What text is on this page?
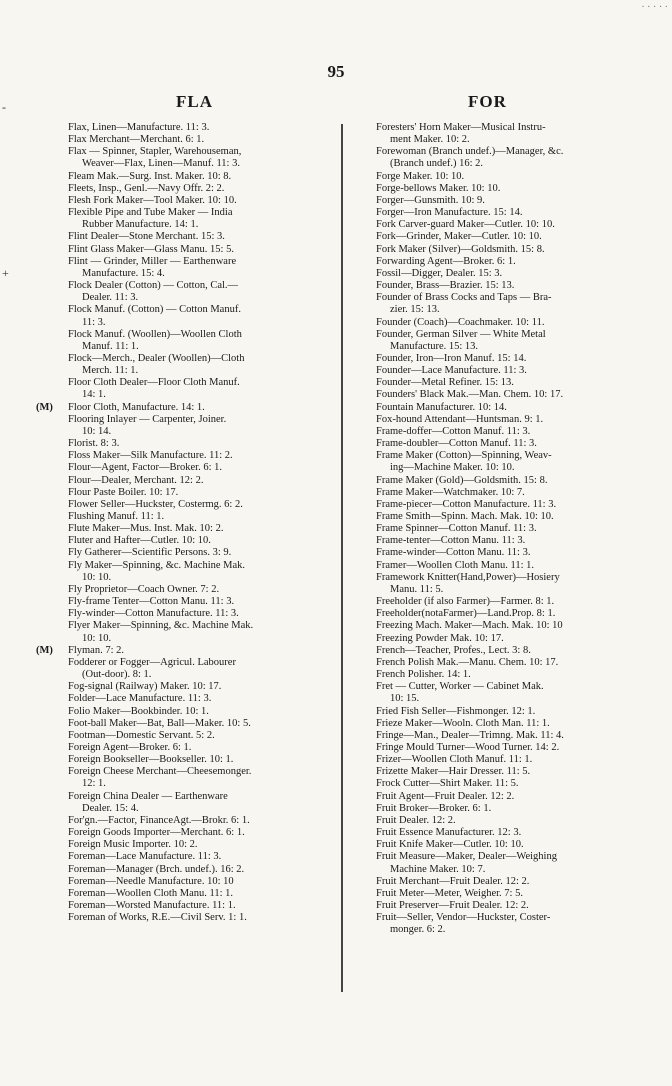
· · · · ·
‐
+
95
FLA	FOR
Flax, Linen—Manufacture. 11: 3.
Flax Merchant—Merchant. 6: 1.
Flax — Spinner, Stapler, Warehouseman,
Weaver—Flax, Linen—Manuf. 11: 3.
Fleam Mak.—Surg. Inst. Maker. 10: 8.
Fleets, Insp., Genl.—Navy Offr. 2: 2.
Flesh Fork Maker—Tool Maker. 10: 10.
Flexible Pipe and Tube Maker — India
Rubber Manufacture. 14: 1.
Flint Dealer—Stone Merchant. 15: 3.
Flint Glass Maker—Glass Manu. 15: 5.
Flint — Grinder, Miller — Earthenware
Manufacture. 15: 4.
Flock Dealer (Cotton) — Cotton, Cal.—
Dealer. 11: 3.
Flock Manuf. (Cotton) — Cotton Manuf.
11: 3.
Flock Manuf. (Woollen)—Woollen Cloth
Manuf. 11: 1.
Flock—Merch., Dealer (Woollen)—Cloth
Merch. 11: 1.
Floor Cloth Dealer—Floor Cloth Manuf.
14: 1.
(M) Floor Cloth, Manufacture. 14: 1.
Flooring Inlayer — Carpenter, Joiner.
10: 14.
Florist. 8: 3.
Floss Maker—Silk Manufacture. 11: 2.
Flour—Agent, Factor—Broker. 6: 1.
Flour—Dealer, Merchant. 12: 2.
Flour Paste Boiler. 10: 17.
Flower Seller—Huckster, Costermg. 6: 2.
Flushing Manuf. 11: 1.
Flute Maker—Mus. Inst. Mak. 10: 2.
Fluter and Hafter—Cutler. 10: 10.
Fly Gatherer—Scientific Persons. 3: 9.
Fly Maker—Spinning, &c. Machine Mak.
10: 10.
Fly Proprietor—Coach Owner. 7: 2.
Fly-frame Tenter—Cotton Manu. 11: 3.
Fly-winder—Cotton Manufacture. 11: 3.
Flyer Maker—Spinning, &c. Machine Mak.
10: 10.
(M) Flyman. 7: 2.
Fodderer or Fogger—Agricul. Labourer
(Out-door). 8: 1.
Fog-signal (Railway) Maker. 10: 17.
Folder—Lace Manufacture. 11: 3.
Folio Maker—Bookbinder. 10: 1.
Foot-ball Maker—Bat, Ball—Maker. 10: 5.
Footman—Domestic Servant. 5: 2.
Foreign Agent—Broker. 6: 1.
Foreign Bookseller—Bookseller. 10: 1.
Foreign Cheese Merchant—Cheesemonger.
12: 1.
Foreign China Dealer — Earthenware
Dealer. 15: 4.
For'gn.—Factor, FinanceAgt.—Brokr. 6: 1.
Foreign Goods Importer—Merchant. 6: 1.
Foreign Music Importer. 10: 2.
Foreman—Lace Manufacture. 11: 3.
Foreman—Manager (Brch. undef.). 16: 2.
Foreman—Needle Manufacture. 10: 10
Foreman—Woollen Cloth Manu. 11: 1.
Foreman—Worsted Manufacture. 11: 1.
Foreman of Works, R.E.—Civil Serv. 1: 1.
Foresters' Horn Maker—Musical Instru-
ment Maker. 10: 2.
Forewoman (Branch undef.)—Manager, &c.
(Branch undef.) 16: 2.
Forge Maker. 10: 10.
Forge-bellows Maker. 10: 10.
Forger—Gunsmith. 10: 9.
Forger—Iron Manufacture. 15: 14.
Fork Carver-guard Maker—Cutler. 10: 10.
Fork—Grinder, Maker—Cutler. 10: 10.
Fork Maker (Silver)—Goldsmith. 15: 8.
Forwarding Agent—Broker. 6: 1.
Fossil—Digger, Dealer. 15: 3.
Founder, Brass—Brazier. 15: 13.
Founder of Brass Cocks and Taps — Bra-
zier. 15: 13.
Founder (Coach)—Coachmaker. 10: 11.
Founder, German Silver — White Metal
Manufacture. 15: 13.
Founder, Iron—Iron Manuf. 15: 14.
Founder—Lace Manufacture. 11: 3.
Founder—Metal Refiner. 15: 13.
Founders' Black Mak.—Man. Chem. 10: 17.
Fountain Manufacturer. 10: 14.
Fox-hound Attendant—Huntsman. 9: 1.
Frame-doffer—Cotton Manuf. 11: 3.
Frame-doubler—Cotton Manuf. 11: 3.
Frame Maker (Cotton)—Spinning, Weav-
ing—Machine Maker. 10: 10.
Frame Maker (Gold)—Goldsmith. 15: 8.
Frame Maker—Watchmaker. 10: 7.
Frame-piecer—Cotton Manufacture. 11: 3.
Frame Smith—Spinn. Mach. Mak. 10: 10.
Frame Spinner—Cotton Manuf. 11: 3.
Frame-tenter—Cotton Manu. 11: 3.
Frame-winder—Cotton Manu. 11: 3.
Framer—Woollen Cloth Manu. 11: 1.
Framework Knitter(Hand,Power)—Hosiery
Manu. 11: 5.
Freeholder (if also Farmer)—Farmer. 8: 1.
Freeholder(notaFarmer)—Land.Prop. 8: 1.
Freezing Mach. Maker—Mach. Mak. 10: 10
Freezing Powder Mak. 10: 17.
French—Teacher, Profes., Lect. 3: 8.
French Polish Mak.—Manu. Chem. 10: 17.
French Polisher. 14: 1.
Fret — Cutter, Worker — Cabinet Mak.
10: 15.
Fried Fish Seller—Fishmonger. 12: 1.
Frieze Maker—Wooln. Cloth Man. 11: 1.
Fringe—Man., Dealer—Trimng. Mak. 11: 4.
Fringe Mould Turner—Wood Turner. 14: 2.
Frizer—Woollen Cloth Manuf. 11: 1.
Frizette Maker—Hair Dresser. 11: 5.
Frock Cutter—Shirt Maker. 11: 5.
Fruit Agent—Fruit Dealer. 12: 2.
Fruit Broker—Broker. 6: 1.
Fruit Dealer. 12: 2.
Fruit Essence Manufacturer. 12: 3.
Fruit Knife Maker—Cutler. 10: 10.
Fruit Measure—Maker, Dealer—Weighing
Machine Maker. 10: 7.
Fruit Merchant—Fruit Dealer. 12: 2.
Fruit Meter—Meter, Weigher. 7: 5.
Fruit Preserver—Fruit Dealer. 12: 2.
Fruit—Seller, Vendor—Huckster, Coster-
monger. 6: 2.
